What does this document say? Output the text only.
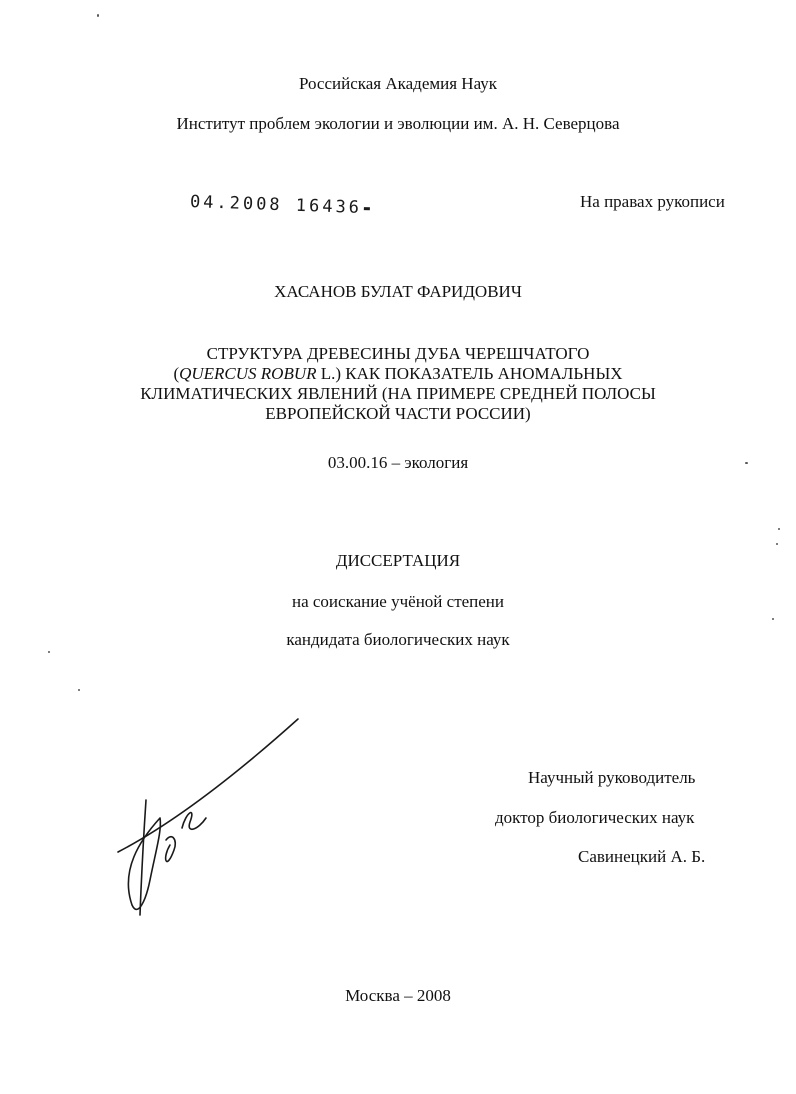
Российская Академия Наук
Институт проблем экологии и эволюции им. А. Н. Северцова
04.2008 16436	На правах рукописи
ХАСАНОВ БУЛАТ ФАРИДОВИЧ
СТРУКТУРА ДРЕВЕСИНЫ ДУБА ЧЕРЕШЧАТОГО
(QUERCUS ROBUR L.) КАК ПОКАЗАТЕЛЬ АНОМАЛЬНЫХ
КЛИМАТИЧЕСКИХ ЯВЛЕНИЙ (НА ПРИМЕРЕ СРЕДНЕЙ ПОЛОСЫ
ЕВРОПЕЙСКОЙ ЧАСТИ РОССИИ)
03.00.16 – экология
ДИССЕРТАЦИЯ
на соискание учёной степени
кандидата биологических наук
Научный руководитель
доктор биологических наук
Савинецкий А. Б.
Москва – 2008
